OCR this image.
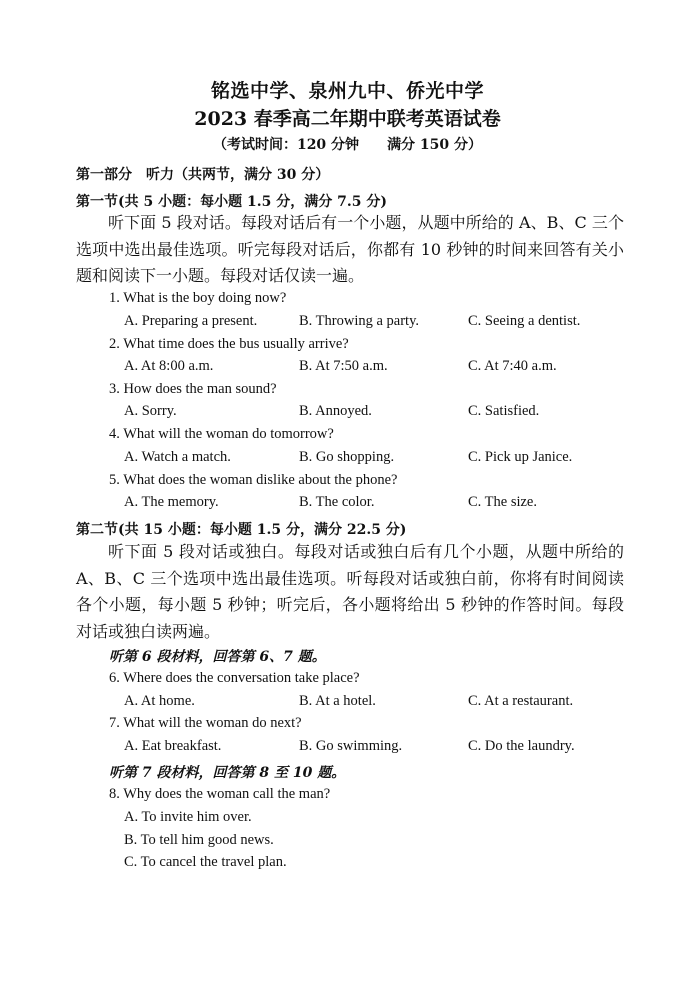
铭选中学、泉州九中、侨光中学
2023 春季高二年期中联考英语试卷
（考试时间：120 分钟 满分 150 分）
第一部分　听力（共两节，满分 30 分）
第一节(共 5 小题：每小题 1.5 分，满分 7.5 分)

听下面 5 段对话。每段对话后有一个小题，从题中所给的 A、B、C 三个选项中选出最佳选项。听完每段对话后，你都有 10 秒钟的时间来回答有关小题和阅读下一小题。每段对话仅读一遍。

1. What is the boy doing now?
A. Preparing a present.	B. Throwing a party.	C. Seeing a dentist.
2. What time does the bus usually arrive?
A. At 8:00 a.m.	B. At 7:50 a.m.	C. At 7:40 a.m.
3. How does the man sound?
A. Sorry.	B. Annoyed.	C. Satisfied.
4. What will the woman do tomorrow?
A. Watch a match.	B. Go shopping.	C. Pick up Janice.
5. What does the woman dislike about the phone?
A. The memory.	B. The color.	C. The size.
第二节(共 15 小题：每小题 1.5 分，满分 22.5 分)

听下面 5 段对话或独白。每段对话或独白后有几个小题，从题中所给的 A、B、C 三个选项中选出最佳选项。听每段对话或独白前，你将有时间阅读各个小题，每小题 5 秒钟；听完后，各小题将给出 5 秒钟的作答时间。每段对话或独白读两遍。

听第 6 段材料，回答第 6、7 题。
6. Where does the conversation take place?
A. At home.	B. At a hotel.	C. At a restaurant.
7. What will the woman do next?
A. Eat breakfast.	B. Go swimming.	C. Do the laundry.
听第 7 段材料，回答第 8 至 10 题。
8. Why does the woman call the man?
A. To invite him over.
B. To tell him good news.
C. To cancel the travel plan.
